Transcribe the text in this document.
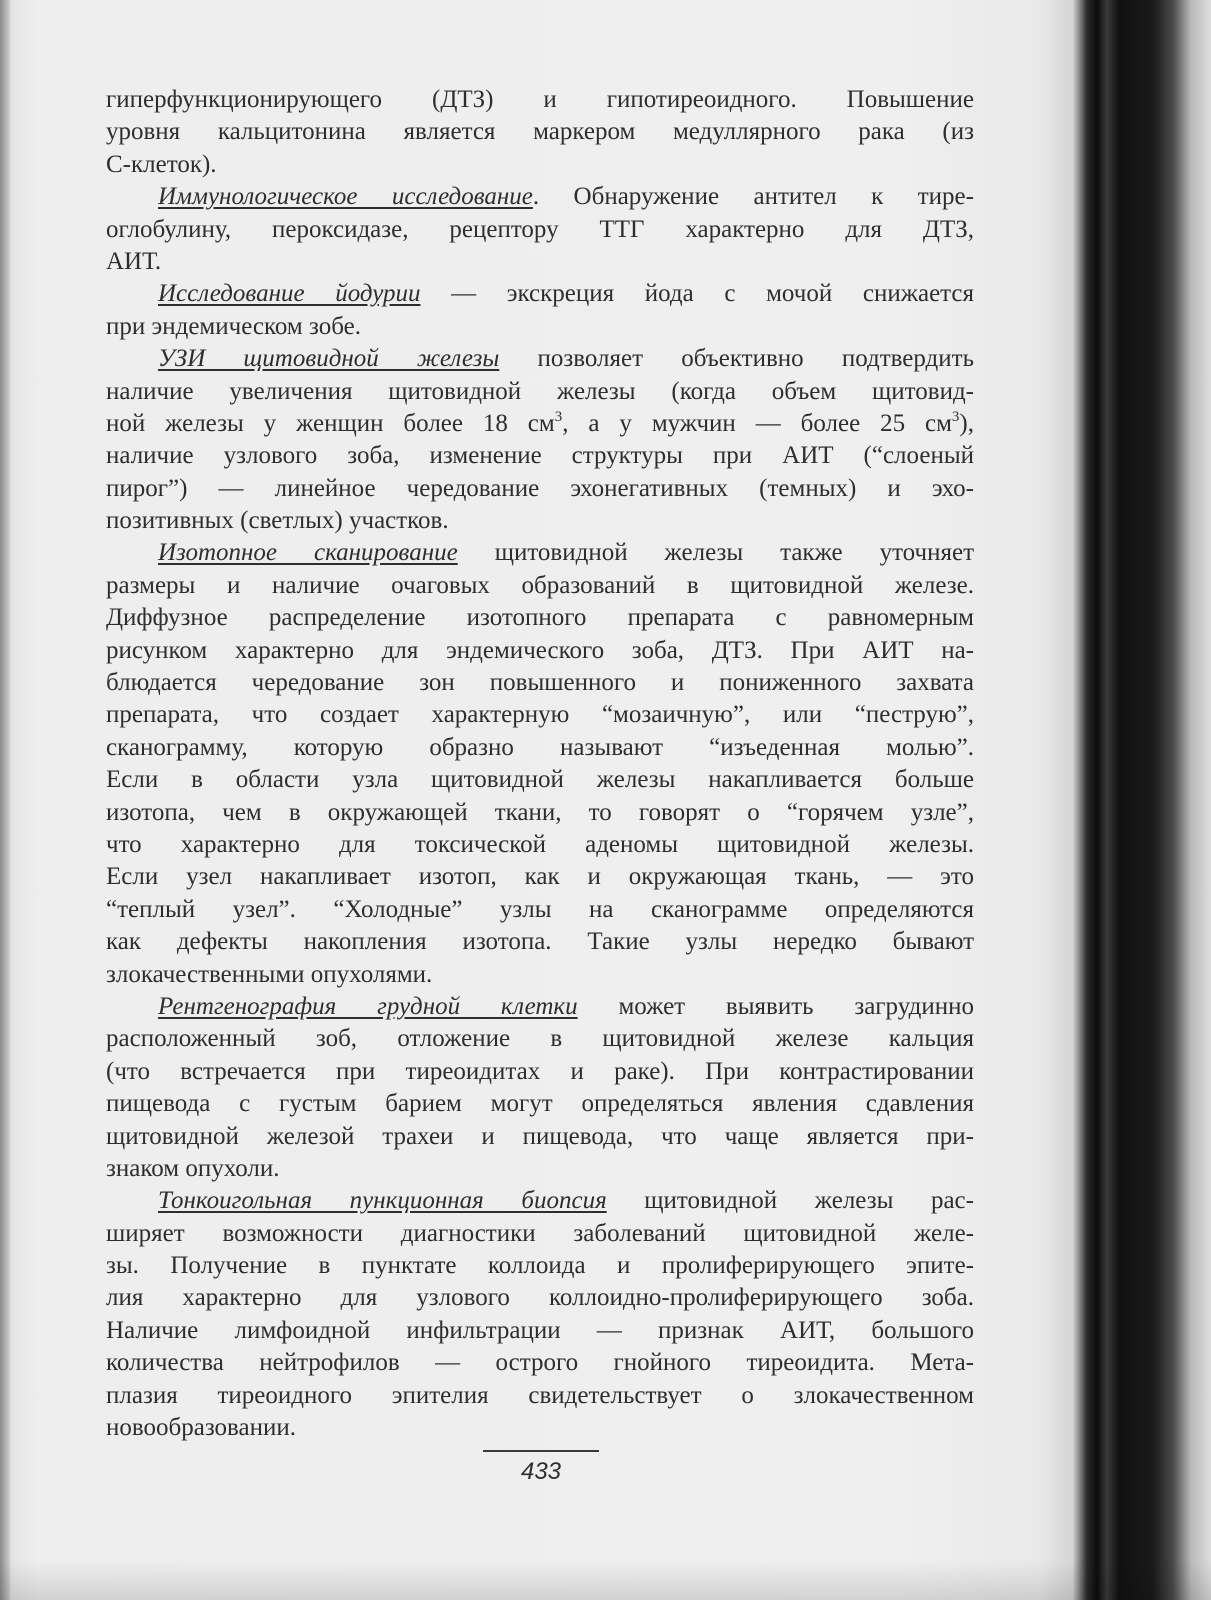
гиперфункционирующего (ДТЗ) и гипотиреоидного. Повышение
уровня кальцитонина является маркером медуллярного рака (из
С-клеток).
Иммунологическое исследование. Обнаружение антител к тире-
оглобулину, пероксидазе, рецептору ТТГ характерно для ДТЗ,
АИТ.
Исследование йодурии — экскреция йода с мочой снижается
при эндемическом зобе.
УЗИ щитовидной железы позволяет объективно подтвердить
наличие увеличения щитовидной железы (когда объем щитовид-
ной железы у женщин более 18 $см^3$, а у мужчин — более 25 $см^3$),
наличие узлового зоба, изменение структуры при АИТ (“слоеный
пирог”) — линейное чередование эхонегативных (темных) и эхо-
позитивных (светлых) участков.
Изотопное сканирование щитовидной железы также уточняет
размеры и наличие очаговых образований в щитовидной железе.
Диффузное распределение изотопного препарата с равномерным
рисунком характерно для эндемического зоба, ДТЗ. При АИТ на-
блюдается чередование зон повышенного и пониженного захвата
препарата, что создает характерную “мозаичную”, или “пеструю”,
сканограмму, которую образно называют “изъеденная молью”.
Если в области узла щитовидной железы накапливается больше
изотопа, чем в окружающей ткани, то говорят о “горячем узле”,
что характерно для токсической аденомы щитовидной железы.
Если узел накапливает изотоп, как и окружающая ткань, — это
“теплый узел”. “Холодные” узлы на сканограмме определяются
как дефекты накопления изотопа. Такие узлы нередко бывают
злокачественными опухолями.
Рентгенография грудной клетки может выявить загрудинно
расположенный зоб, отложение в щитовидной железе кальция
(что встречается при тиреоидитах и раке). При контрастировании
пищевода с густым барием могут определяться явления сдавления
щитовидной железой трахеи и пищевода, что чаще является при-
знаком опухоли.
Тонкоигольная пункционная биопсия щитовидной железы рас-
ширяет возможности диагностики заболеваний щитовидной желе-
зы. Получение в пунктате коллоида и пролиферирующего эпите-
лия характерно для узлового коллоидно-пролиферирующего зоба.
Наличие лимфоидной инфильтрации — признак АИТ, большого
количества нейтрофилов — острого гнойного тиреоидита. Мета-
плазия тиреоидного эпителия свидетельствует о злокачественном
новообразовании.
433
